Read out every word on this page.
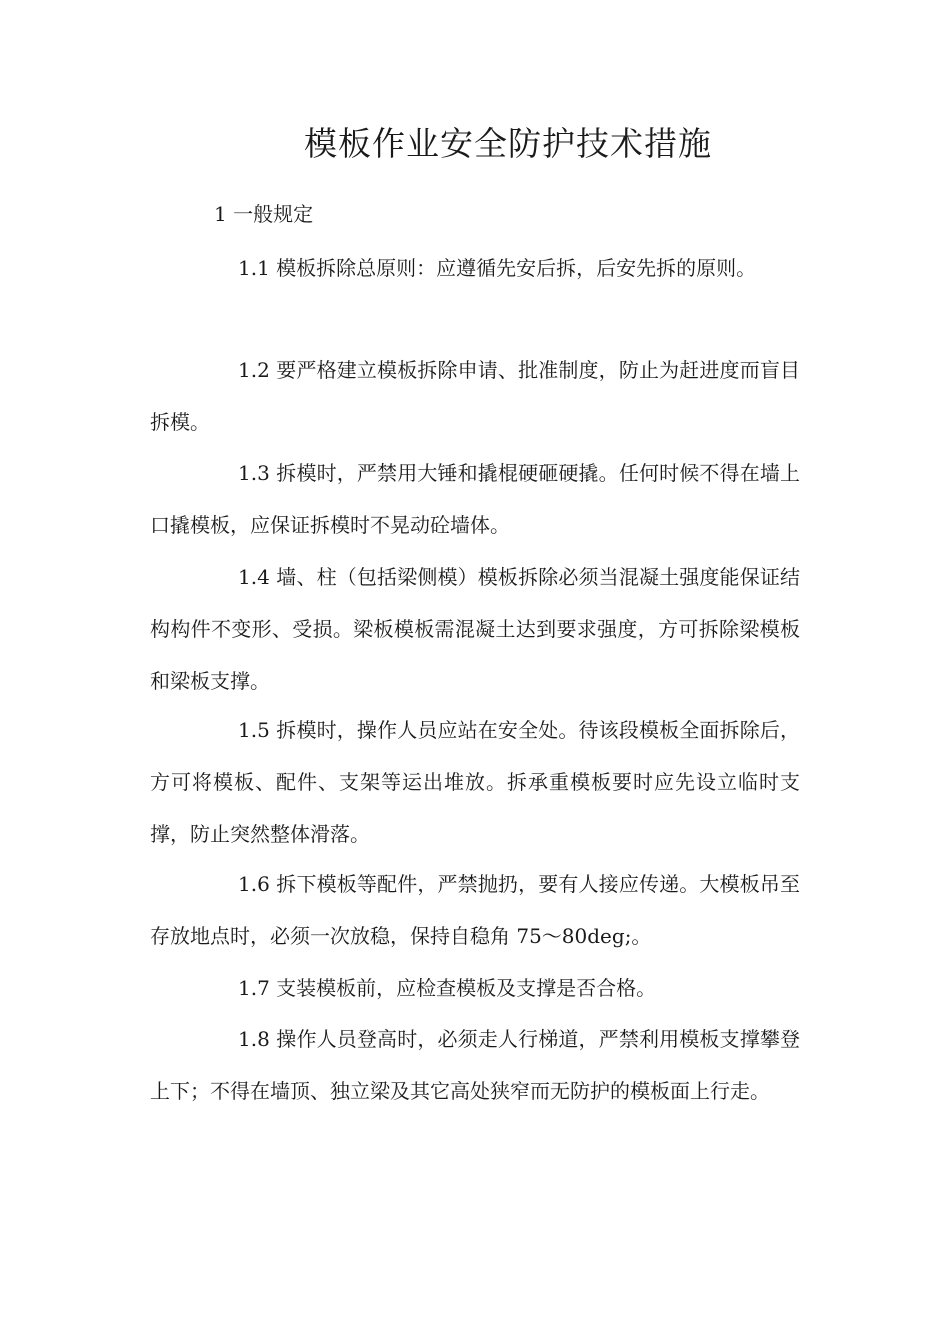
模板作业安全防护技术措施
1 一般规定

1.1 模板拆除总原则：应遵循先安后拆，后安先拆的原则。

1.2 要严格建立模板拆除申请、批准制度，防止为赶进度而盲目拆模。

1.3 拆模时，严禁用大锤和撬棍硬砸硬撬。任何时候不得在墙上口撬模板，应保证拆模时不晃动砼墙体。

1.4 墙、柱（包括梁侧模）模板拆除必须当混凝土强度能保证结构构件不变形、受损。梁板模板需混凝土达到要求强度，方可拆除梁模板和梁板支撑。

1.5 拆模时，操作人员应站在安全处。待该段模板全面拆除后，方可将模板、配件、支架等运出堆放。拆承重模板要时应先设立临时支撑，防止突然整体滑落。

1.6 拆下模板等配件，严禁抛扔，要有人接应传递。大模板吊至存放地点时，必须一次放稳，保持自稳角 75～80deg;。

1.7 支装模板前，应检查模板及支撑是否合格。

1.8 操作人员登高时，必须走人行梯道，严禁利用模板支撑攀登上下；不得在墙顶、独立梁及其它高处狭窄而无防护的模板面上行走。
